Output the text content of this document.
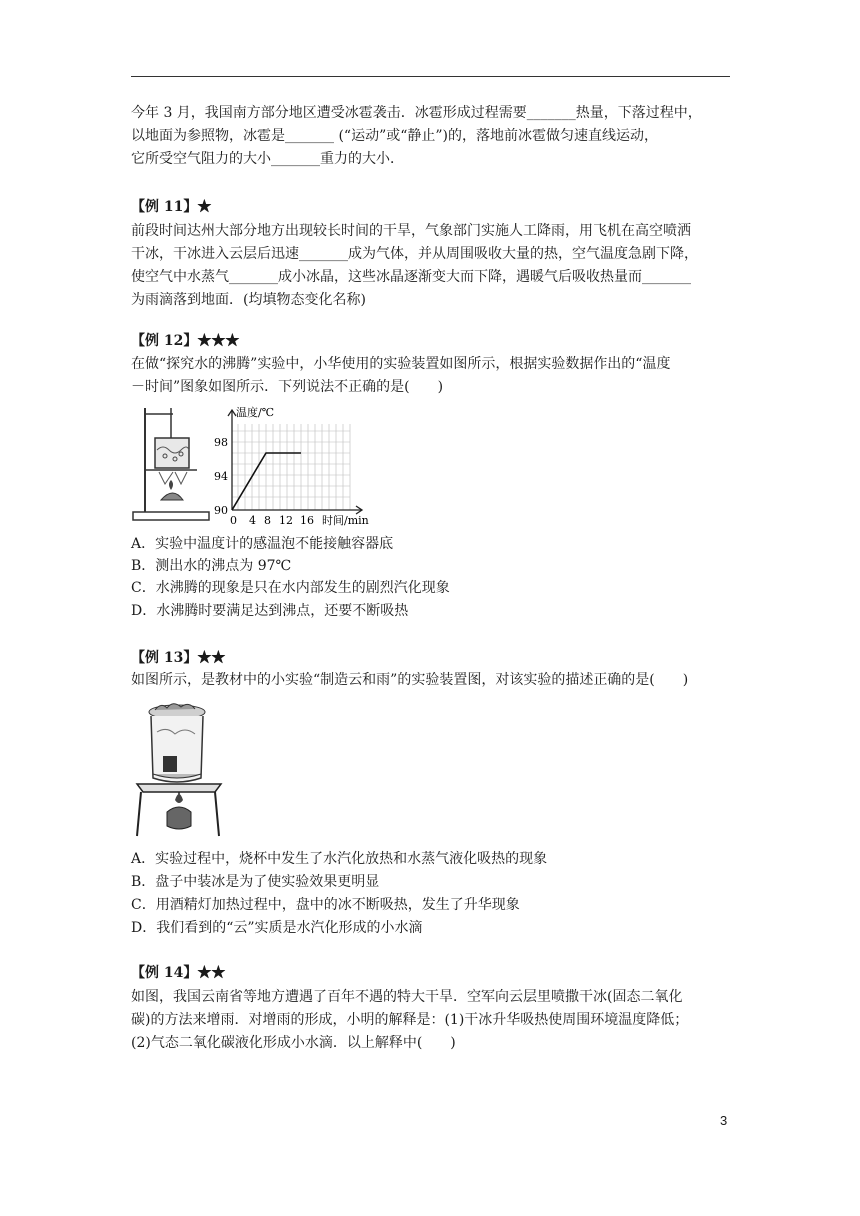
今年 3 月，我国南方部分地区遭受冰雹袭击．冰雹形成过程需要_______热量，下落过程中，
以地面为参照物，冰雹是_______ (“运动”或“静止”)的，落地前冰雹做匀速直线运动，
它所受空气阻力的大小_______重力的大小．
【例 11】★
前段时间达州大部分地方出现较长时间的干旱，气象部门实施人工降雨，用飞机在高空喷洒
干冰，干冰进入云层后迅速_______成为气体，并从周围吸收大量的热，空气温度急剧下降，
使空气中水蒸气_______成小冰晶，这些冰晶逐渐变大而下降，遇暖气后吸收热量而_______
为雨滴落到地面．(均填物态变化名称)
【例 12】★★★
在做“探究水的沸腾”实验中，小华使用的实验装置如图所示，根据实验数据作出的“温度
－时间”图象如图所示．下列说法不正确的是(　　)
温度/℃
98
94
90
0 4 8 12 16 时间/min
A．实验中温度计的感温泡不能接触容器底
B．测出水的沸点为 97℃
C．水沸腾的现象是只在水内部发生的剧烈汽化现象
D．水沸腾时要满足达到沸点，还要不断吸热
【例 13】★★
如图所示，是教材中的小实验“制造云和雨”的实验装置图，对该实验的描述正确的是(　　)
A．实验过程中，烧杯中发生了水汽化放热和水蒸气液化吸热的现象
B．盘子中装冰是为了使实验效果更明显
C．用酒精灯加热过程中，盘中的冰不断吸热，发生了升华现象
D．我们看到的“云”实质是水汽化形成的小水滴
【例 14】★★
如图，我国云南省等地方遭遇了百年不遇的特大干旱．空军向云层里喷撒干冰(固态二氧化
碳)的方法来增雨．对增雨的形成，小明的解释是：(1)干冰升华吸热使周围环境温度降低；
(2)气态二氧化碳液化形成小水滴．以上解释中(　　)
3
